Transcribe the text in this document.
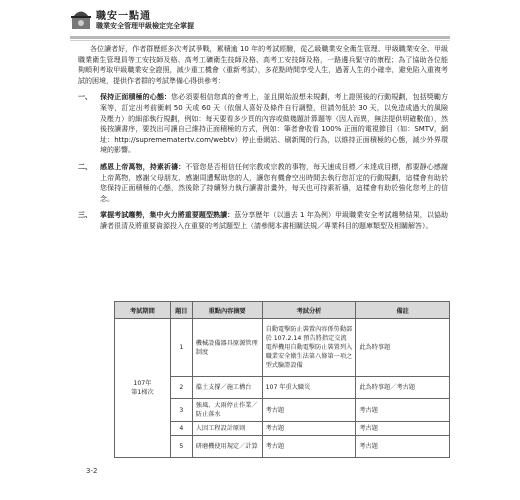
職安一點通
職業安全管理甲級檢定完全掌握

各位讀者好，作者群歷經多次考試爭戰，累積逾 10 年的考試經驗，從乙級職業安全衛生管理、甲級職業安全、甲級職業衛生管理員等工安技師及格、高考工礦衛生技師及格、高考工安技師及格，一路邊兵緊守的康程；為了協助各位能夠順利考取甲級職業安全證照，減少重工機會（重新考試），多花點時間享受人生，過著人生的小確幸，避免陷入重複考試的困境，提供作者群的考試準備心得供參考：

一、 保持正面積極的心態：您必須要相信您真的會考上，並且開始設想未規劃，考上證照後的行動規劃，包括獎勵方案等，訂定出考前衝刺 50 天或 60 天（依個人喜好及條件自行調整，但請勿低於 30 天，以免造成過大的風險及壓力）的細部執行規劃，例如：每天要看多少頁的內容或做幾題計算題等（因人而異，無法提供明確數值），然後按讀書序，要找出可讓自己維持正面積極的方式，例如：筆者會收看 100% 正面的電視節目（如：SMTV，網址：http://supremematertv.com/webtv）停止垂網站、刷新聞的行為，以維持正面積極的心態，減少外界環境的影響。
二、 感恩上帝萬物，持素祈禱：不管您是否相信任何宗教或宗教的事物，每天速成目標／未達成目標，都要靜心感謝上帝萬物，感謝父母朋友、感謝周遭幫助您的人，讓您有機會空出時間去執行您訂定的行動規劃，這樣會有助於您保持正面積極的心態，然後除了持續努力執行讀書計畫外，每天也可持素祈禱，這樣會有助於強化您考上的信念。
三、 掌握考試趨勢，集中火力將重要題型熟讀：茲分享歷年（以過去 1 年為例）甲級職業安全考試趨勢結果，以協助讀者很清及將重要資源投入在重要的考試題型上（請參閱本書相關法規／專業科目的題庫類型及相關解答）。
考試期間	題目	重點內容摘要	考試分析	備註
107年
第1梯次	1	機械設備器具原源管理制度	自動電擊防止裝置內容係勞動部於 107.2.14 預告將指定交流電焊機用自動電擊防止裝置列入職業安全衛生法第八條第一項之型式驗證設備	此為時事題
	2	擋土支撐／施工構台	107 年重大職災	此為時事題／考古題
	3	強風、大雨停止作業／防止落水	考古題	考古題
	4	人因工程設計原則	考古題	考古題
	5	研磨機使用規定／計算	考古題	考古題
3-2
